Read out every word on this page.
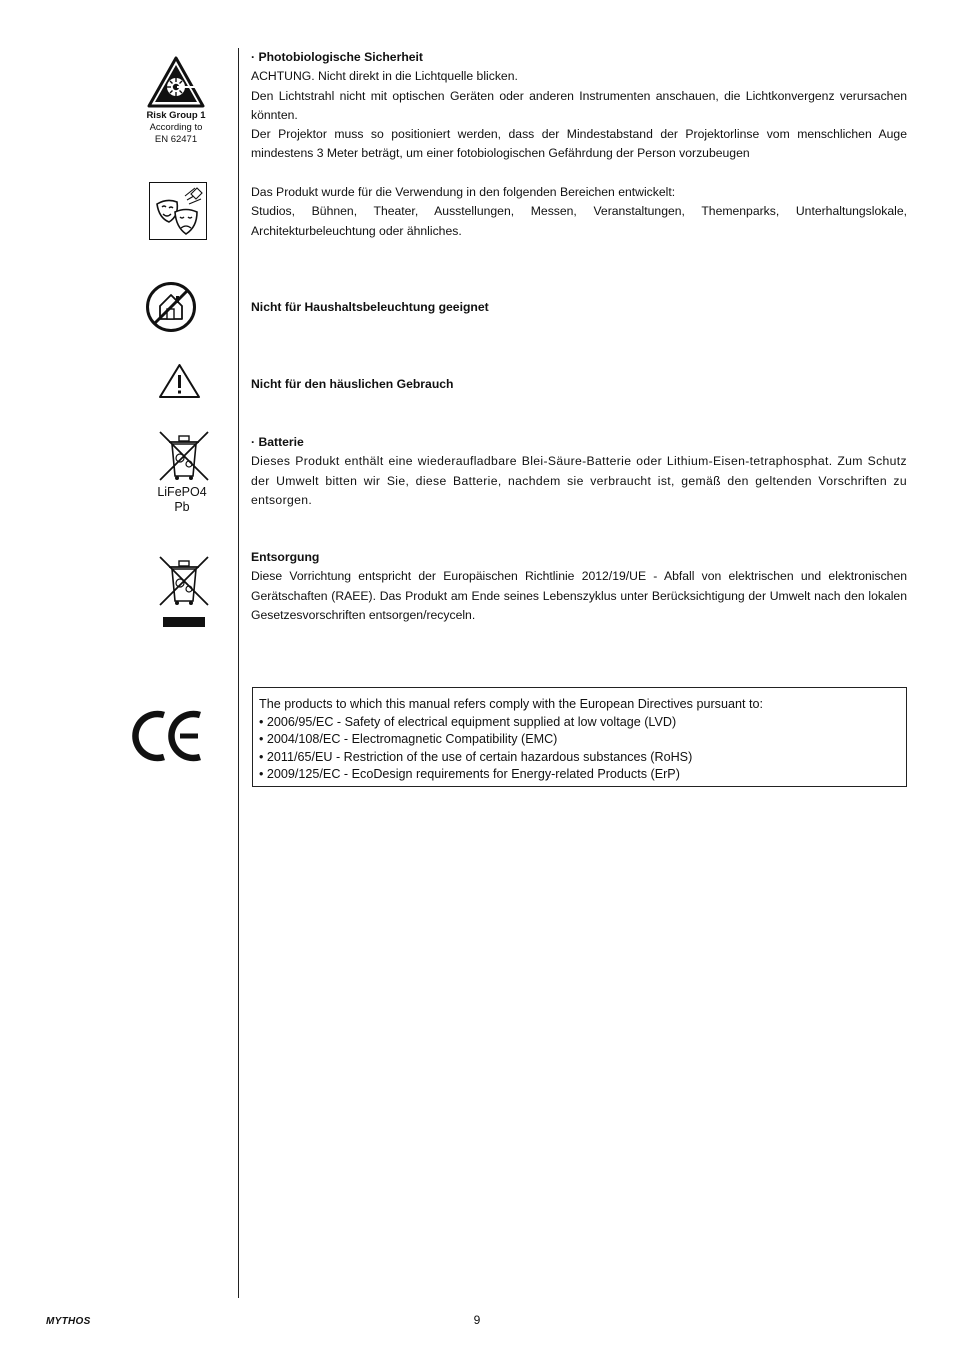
Risk Group 1
According to
EN 62471
LiFePO4
Pb
· Photobiologische Sicherheit
ACHTUNG. Nicht direkt in die Lichtquelle blicken.
Den Lichtstrahl nicht mit optischen Geräten oder anderen Instrumenten anschauen, die Lichtkonvergenz verursachen könnten.
Der Projektor muss so positioniert werden, dass der Mindestabstand der Projektorlinse vom menschlichen Auge mindestens 3 Meter beträgt, um einer fotobiologischen Gefährdung der Person vorzubeugen
Das Produkt wurde für die Verwendung in den folgenden Bereichen entwickelt:
Studios, Bühnen, Theater, Ausstellungen, Messen, Veranstaltungen, Themenparks, Unterhaltungslokale, Architekturbeleuchtung oder ähnliches.
Nicht für Haushaltsbeleuchtung geeignet
Nicht für den häuslichen Gebrauch
· Batterie
Dieses Produkt enthält eine wiederaufladbare Blei-Säure-Batterie oder Lithium-Eisen-tetraphosphat. Zum Schutz der Umwelt bitten wir Sie, diese Batterie, nachdem sie verbraucht ist, gemäß den geltenden Vorschriften zu entsorgen.
Entsorgung
Diese Vorrichtung entspricht der Europäischen Richtlinie 2012/19/UE - Abfall von elektrischen und elektronischen Gerätschaften (RAEE). Das Produkt am Ende seines Lebenszyklus unter Berücksichtigung der Umwelt nach den lokalen Gesetzesvorschriften entsorgen/recyceln.
The products to which this manual refers comply with the European Directives pursuant to:
• 2006/95/EC - Safety of electrical equipment supplied at low voltage (LVD)
• 2004/108/EC - Electromagnetic Compatibility (EMC)
• 2011/65/EU - Restriction of the use of certain hazardous substances (RoHS)
• 2009/125/EC - EcoDesign requirements for Energy-related Products (ErP)
MYTHOS	9
